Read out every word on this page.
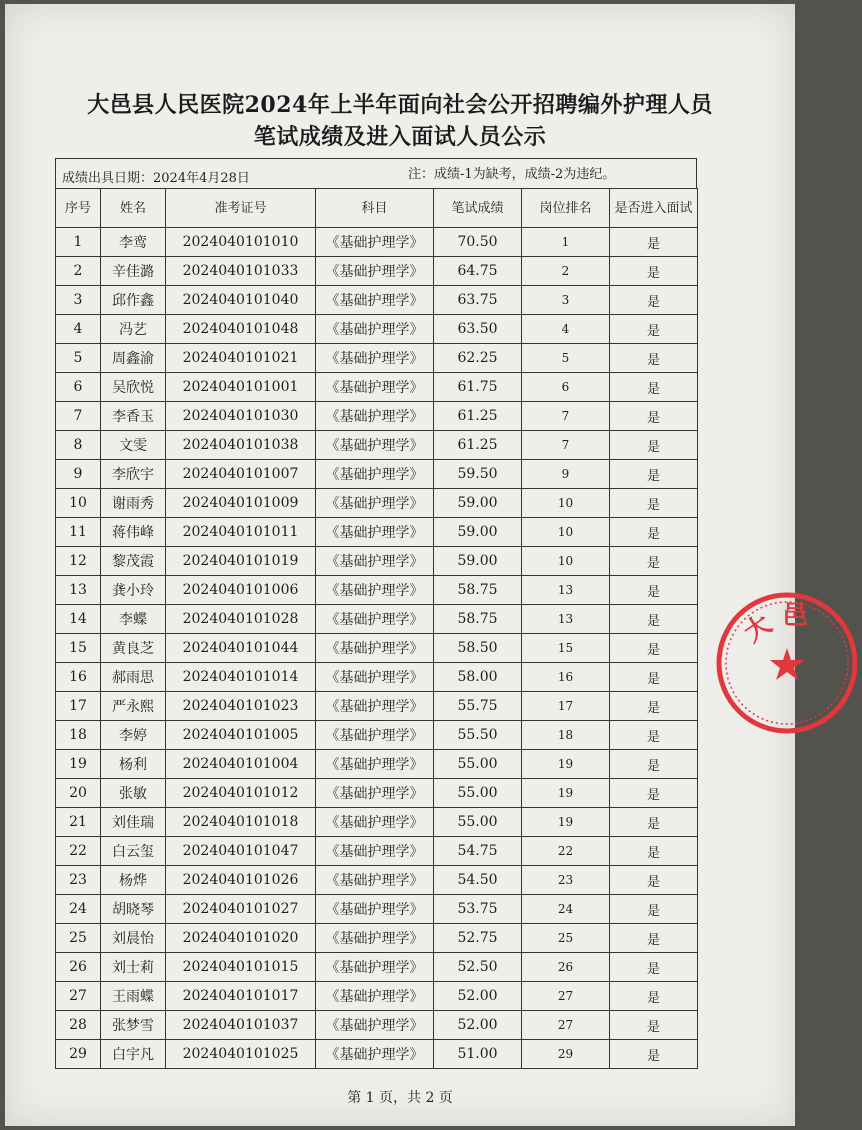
大邑县人民医院2024年上半年面向社会公开招聘编外护理人员
笔试成绩及进入面试人员公示
成绩出具日期：2024年4月28日	注：成绩-1为缺考，成绩-2为违纪。
序号	姓名	准考证号	科目	笔试成绩	岗位排名	是否进入面试
1	李鸾	2024040101010	《基础护理学》	70.50	1	是
2	辛佳潞	2024040101033	《基础护理学》	64.75	2	是
3	邱作鑫	2024040101040	《基础护理学》	63.75	3	是
4	冯艺	2024040101048	《基础护理学》	63.50	4	是
5	周鑫渝	2024040101021	《基础护理学》	62.25	5	是
6	吴欣悦	2024040101001	《基础护理学》	61.75	6	是
7	李香玉	2024040101030	《基础护理学》	61.25	7	是
8	文雯	2024040101038	《基础护理学》	61.25	7	是
9	李欣宇	2024040101007	《基础护理学》	59.50	9	是
10	谢雨秀	2024040101009	《基础护理学》	59.00	10	是
11	蒋伟峰	2024040101011	《基础护理学》	59.00	10	是
12	黎茂霞	2024040101019	《基础护理学》	59.00	10	是
13	龚小玲	2024040101006	《基础护理学》	58.75	13	是
14	李蝶	2024040101028	《基础护理学》	58.75	13	是
15	黄良芝	2024040101044	《基础护理学》	58.50	15	是
16	郝雨思	2024040101014	《基础护理学》	58.00	16	是
17	严永熙	2024040101023	《基础护理学》	55.75	17	是
18	李婷	2024040101005	《基础护理学》	55.50	18	是
19	杨利	2024040101004	《基础护理学》	55.00	19	是
20	张敏	2024040101012	《基础护理学》	55.00	19	是
21	刘佳瑞	2024040101018	《基础护理学》	55.00	19	是
22	白云玺	2024040101047	《基础护理学》	54.75	22	是
23	杨烨	2024040101026	《基础护理学》	54.50	23	是
24	胡晓琴	2024040101027	《基础护理学》	53.75	24	是
25	刘晨怡	2024040101020	《基础护理学》	52.75	25	是
26	刘士莉	2024040101015	《基础护理学》	52.50	26	是
27	王雨蝶	2024040101017	《基础护理学》	52.00	27	是
28	张梦雪	2024040101037	《基础护理学》	52.00	27	是
29	白宇凡	2024040101025	《基础护理学》	51.00	29	是
第 1 页，共 2 页
大 邑
